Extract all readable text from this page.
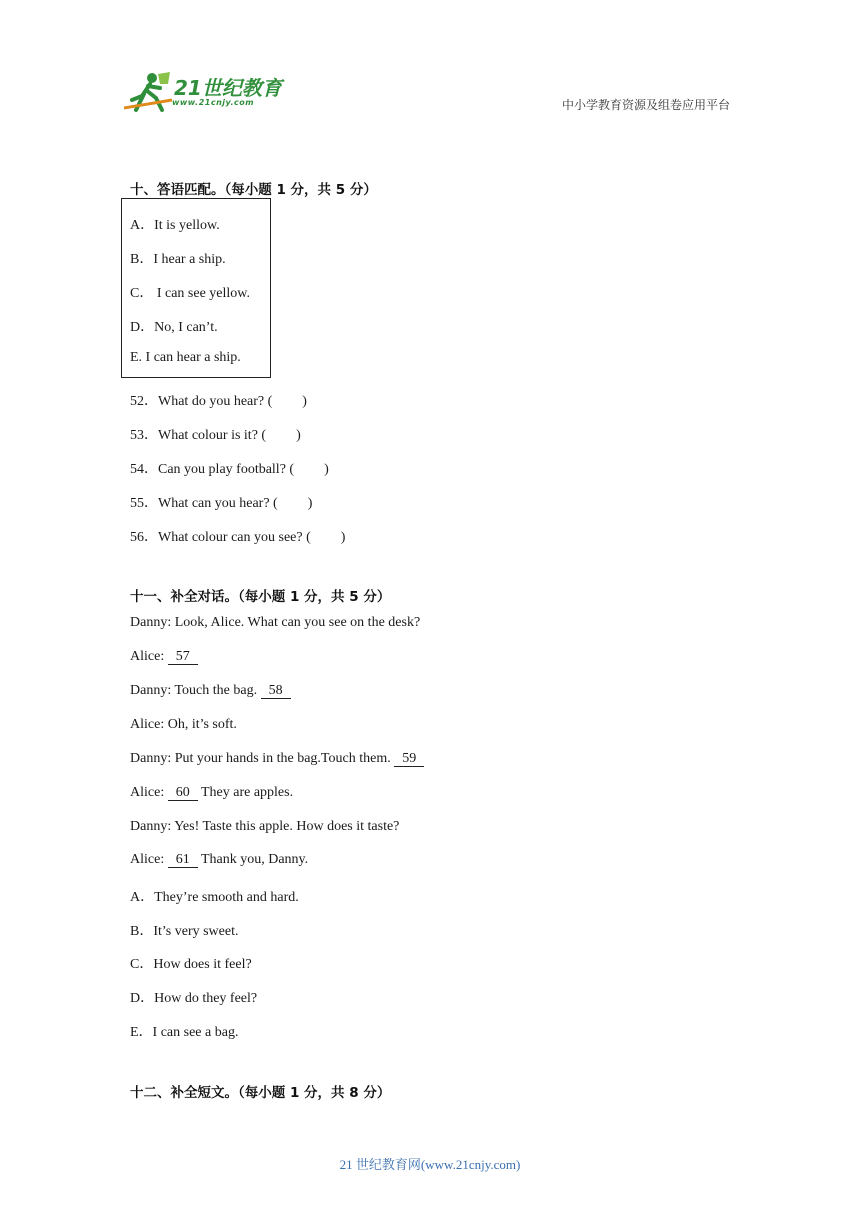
21世纪教育
www.21cnjy.com	中小学教育资源及组卷应用平台
十、答语匹配。（每小题 1 分，共 5 分）
A．It is yellow.
B．I hear a ship.
C． I can see yellow.
D．No, I can’t.
E. I can hear a ship.
52．What do you hear? ( )
53．What colour is it? ( )
54．Can you play football? ( )
55．What can you hear? ( )
56．What colour can you see? ( )
十一、补全对话。（每小题 1 分，共 5 分）
Danny: Look, Alice. What can you see on the desk?
Alice: 57
Danny: Touch the bag. 58
Alice: Oh, it’s soft.
Danny: Put your hands in the bag.Touch them. 59
Alice: 60 They are apples.
Danny: Yes! Taste this apple. How does it taste?
Alice: 61 Thank you, Danny.
A．They’re smooth and hard.
B．It’s very sweet.
C．How does it feel?
D．How do they feel?
E．I can see a bag.
十二、补全短文。（每小题 1 分，共 8 分）
21 世纪教育网(www.21cnjy.com)
